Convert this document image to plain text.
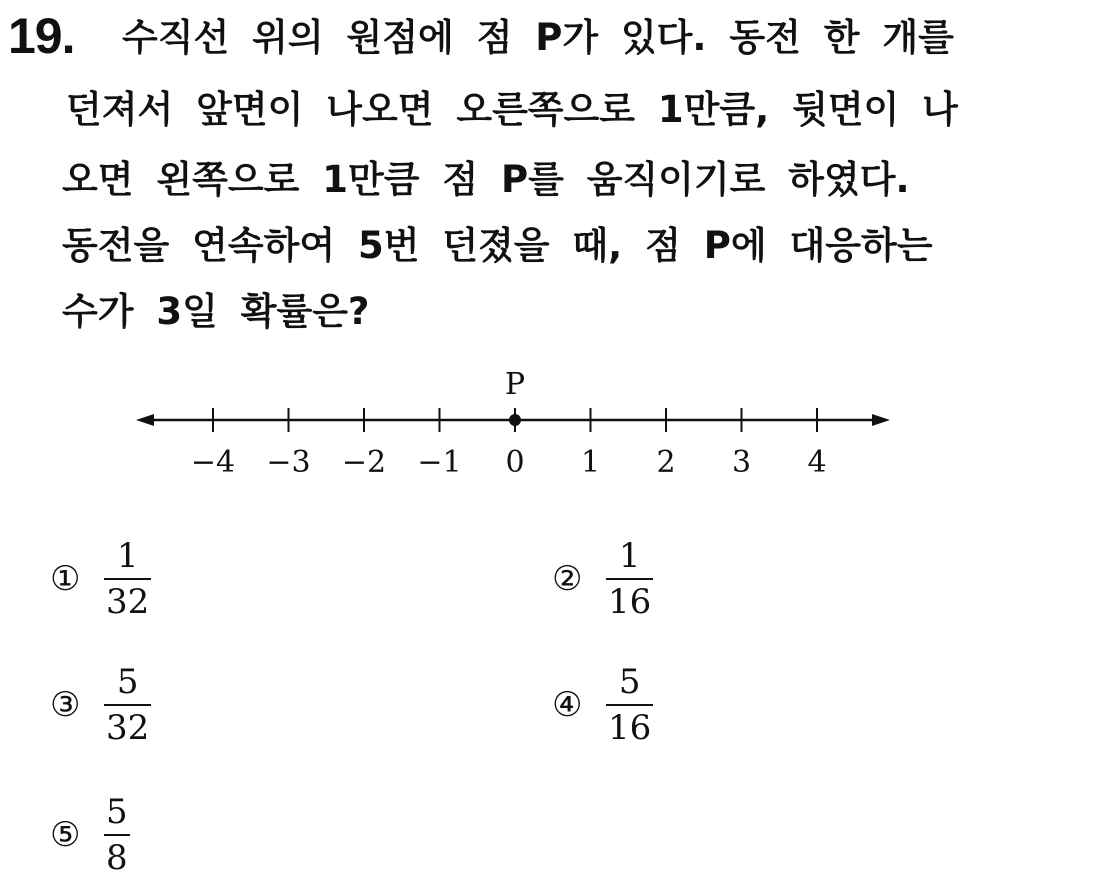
19. 수직선 위의 원점에 점 P가 있다. 동전 한 개를
던져서 앞면이 나오면 오른쪽으로 1만큼, 뒷면이 나
오면 왼쪽으로 1만큼 점 P를 움직이기로 하였다.
동전을 연속하여 5번 던졌을 때, 점 P에 대응하는
수가 3일 확률은?
−4 −3 −2 −1 0 1 2 3 4
P
① $\frac{1}{32}$	② $\frac{1}{16}$
③ $\frac{5}{32}$	④ $\frac{5}{16}$
⑤ $\frac{5}{8}$
